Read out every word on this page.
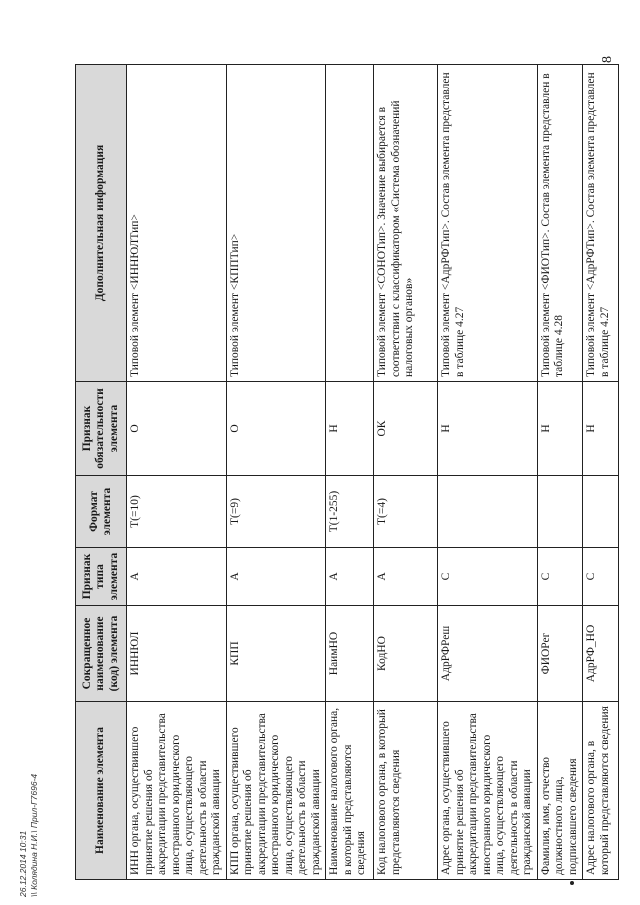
8
Наименование элемента	Сокращенное наименование (код) элемента	Признак типа элемента	Формат элемента	Признак обязательности элемента	Дополнительная информация
ИНН органа, осуществившего принятие решения об аккредитации представительства иностранного юридического лица, осуществляющего деятельность в области гражданской авиации	ИННЮЛ	А	T(=10)	О	Типовой элемент <ИННЮЛТип>
КПП органа, осуществившего принятие решения об аккредитации представительства иностранного юридического лица, осуществляющего деятельность в области гражданской авиации	КПП	А	T(=9)	О	Типовой элемент <КППТип>
Наименование налогового органа, в который представляются сведения	НаимНО	А	T(1-255)	Н	
Код налогового органа, в который представляются сведения	КодНО	А	T(=4)	ОК	Типовой элемент <СОНОТип>. Значение выбирается в соответствии с классификатором «Система обозначений налоговых органов»
Адрес органа, осуществившего принятие решения об аккредитации представительства иностранного юридического лица, осуществляющего деятельность в области гражданской авиации	АдрРФРеш	С		Н	Типовой элемент <АдрРФТип>. Состав элемента представлен в таблице 4.27
Фамилия, имя, отчество должностного лица, подписавшего сведения	ФИОРег	С		Н	Типовой элемент <ФИОТип>. Состав элемента представлен в таблице 4.28
Адрес налогового органа, в который представляются сведения	АдрРФ_НО	С		Н	Типовой элемент <АдрРФТип>. Состав элемента представлен в таблице 4.27
26.12.2014 10:31 \\ Колядина Н.И.\ Прил-Г7696-4
